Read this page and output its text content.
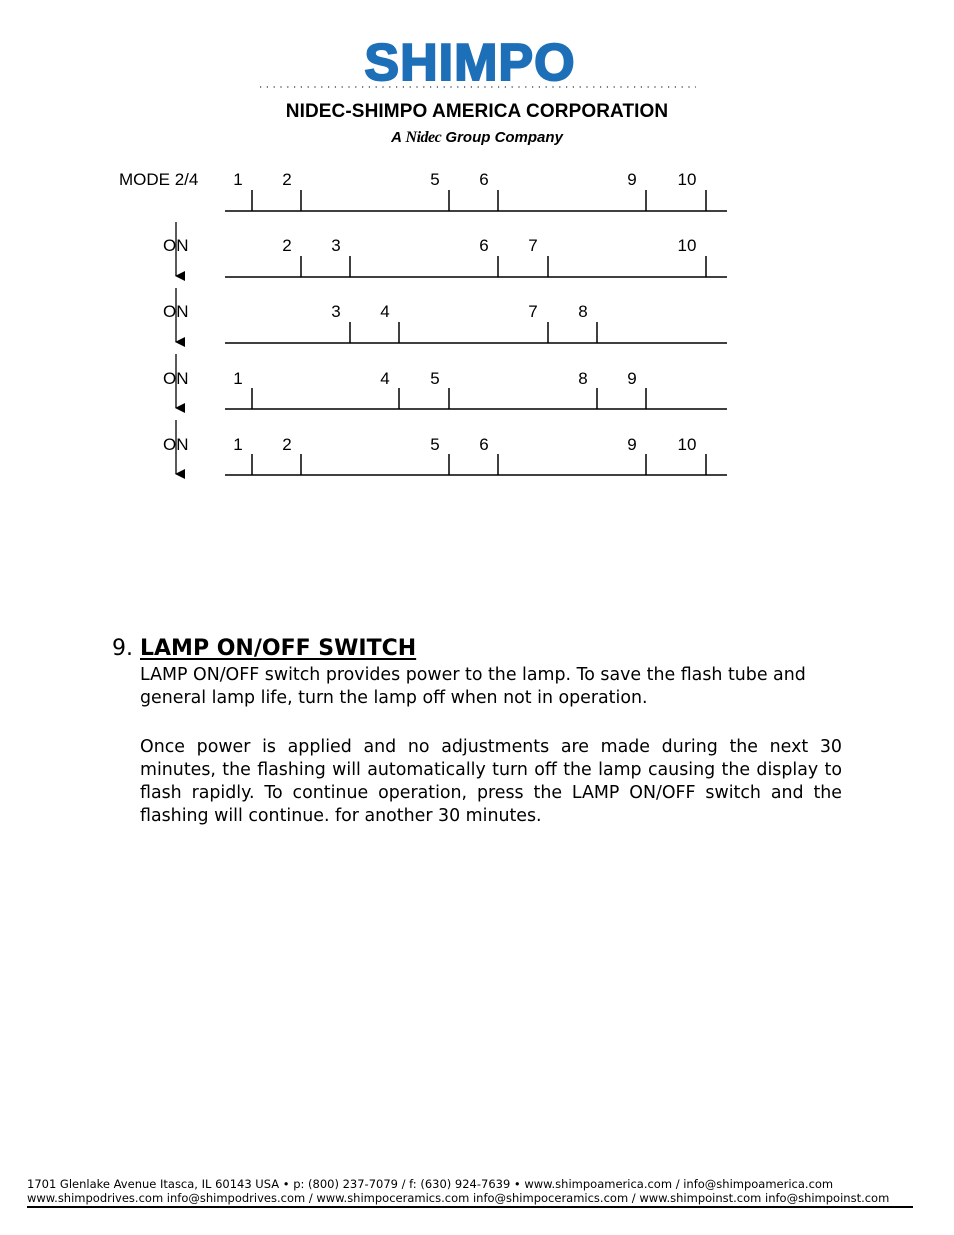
SHIMPO
NIDEC-SHIMPO AMERICA CORPORATION
A Nidec Group Company
MODE 2/4 1 2	5 6	9 10
ON	2 3	6 7	10
ON	3 4	7 8
ON	1	4 5	8 9
ON	1 2	5 6	9 10
9. LAMP ON/OFF SWITCH
LAMP ON/OFF switch provides power to the lamp. To save the flash tube and general lamp life, turn the lamp off when not in operation.
Once power is applied and no adjustments are made during the next 30 minutes, the flashing will automatically turn off the lamp causing the display to flash rapidly. To continue operation, press the LAMP ON/OFF switch and the flashing will continue. for another 30 minutes.
1701 Glenlake Avenue Itasca, IL 60143 USA • p: (800) 237-7079 / f: (630) 924-7639 • www.shimpoamerica.com / info@shimpoamerica.com
www.shimpodrives.com info@shimpodrives.com / www.shimpoceramics.com info@shimpoceramics.com / www.shimpoinst.com info@shimpoinst.com
